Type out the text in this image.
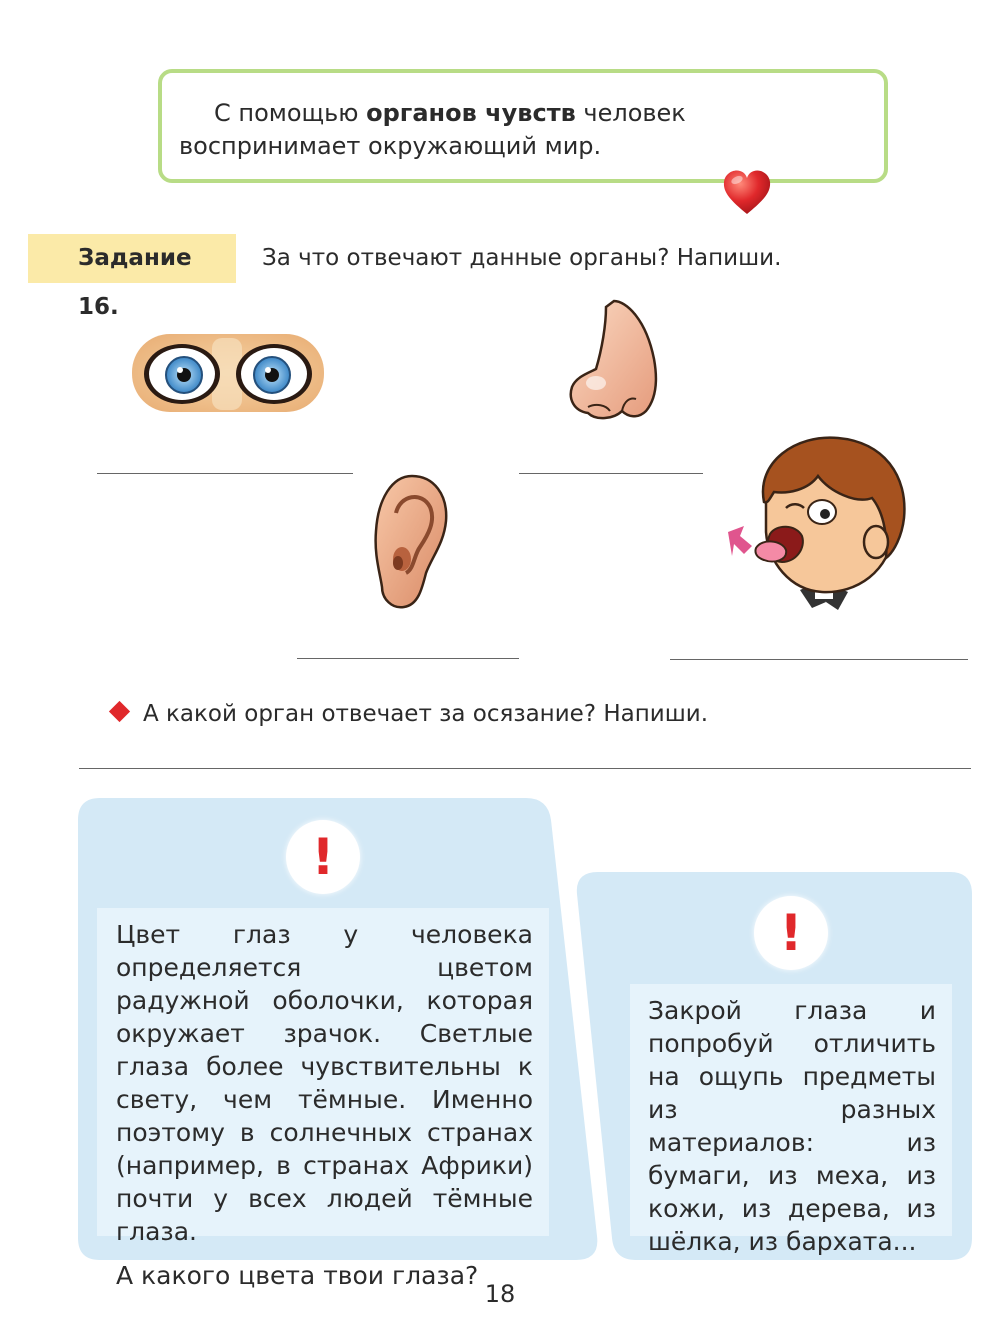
С помощью органов чувств человек воспринимает окружающий мир.
Задание 16.
За что отвечают данные органы? Напиши.
А какой орган отвечает за осязание? Напиши.
!

Цвет глаз у человека определяется цветом радужной оболочки, которая окружает зрачок. Светлые глаза более чувствительны к свету, чем тёмные. Именно поэтому в солнечных странах (например, в странах Африки) почти у всех людей тёмные глаза.

А какого цвета твои глаза?

!

Закрой глаза и попробуй отличить на ощупь предметы из разных материалов: из бумаги, из меха, из кожи, из дерева, из шёлка, из бархата...

18
